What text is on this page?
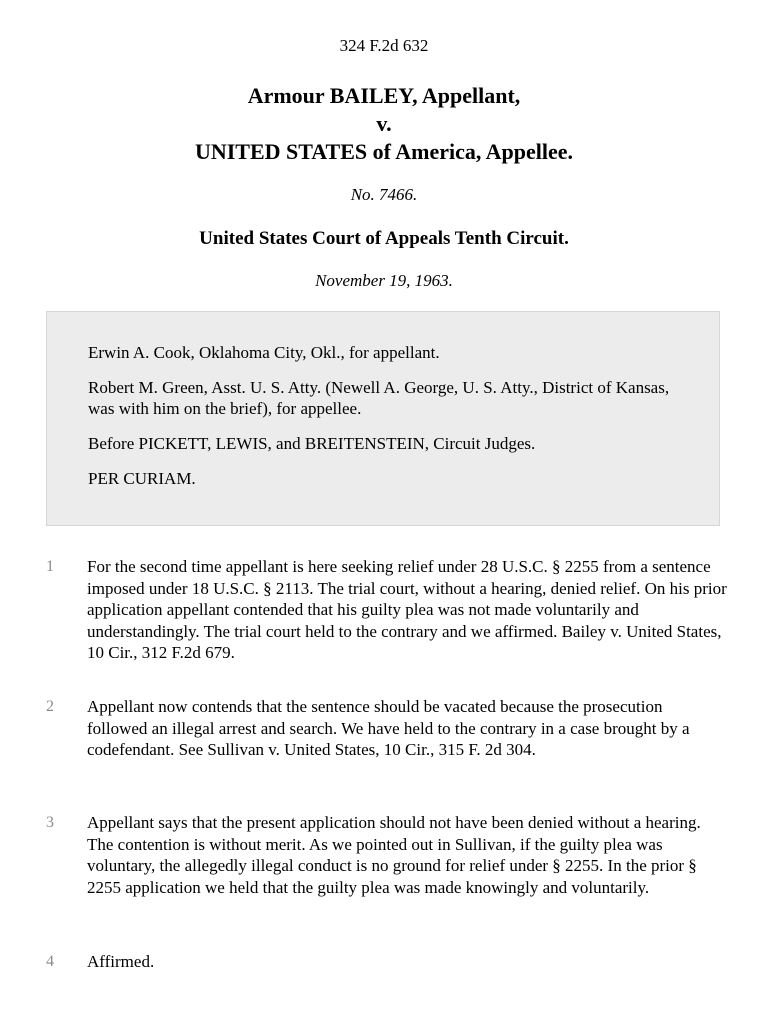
324 F.2d 632
Armour BAILEY, Appellant,
v.
UNITED STATES of America, Appellee.
No. 7466.
United States Court of Appeals Tenth Circuit.
November 19, 1963.

Erwin A. Cook, Oklahoma City, Okl., for appellant.

Robert M. Green, Asst. U. S. Atty. (Newell A. George, U. S. Atty., District of Kansas, was with him on the brief), for appellee.

Before PICKETT, LEWIS, and BREITENSTEIN, Circuit Judges.

PER CURIAM.

1 For the second time appellant is here seeking relief under 28 U.S.C. § 2255 from a sentence imposed under 18 U.S.C. § 2113. The trial court, without a hearing, denied relief. On his prior application appellant contended that his guilty plea was not made voluntarily and understandingly. The trial court held to the contrary and we affirmed. Bailey v. United States, 10 Cir., 312 F.2d 679.
2 Appellant now contends that the sentence should be vacated because the prosecution followed an illegal arrest and search. We have held to the contrary in a case brought by a codefendant. See Sullivan v. United States, 10 Cir., 315 F. 2d 304.
3 Appellant says that the present application should not have been denied without a hearing. The contention is without merit. As we pointed out in Sullivan, if the guilty plea was voluntary, the allegedly illegal conduct is no ground for relief under § 2255. In the prior § 2255 application we held that the guilty plea was made knowingly and voluntarily.
4 Affirmed.
